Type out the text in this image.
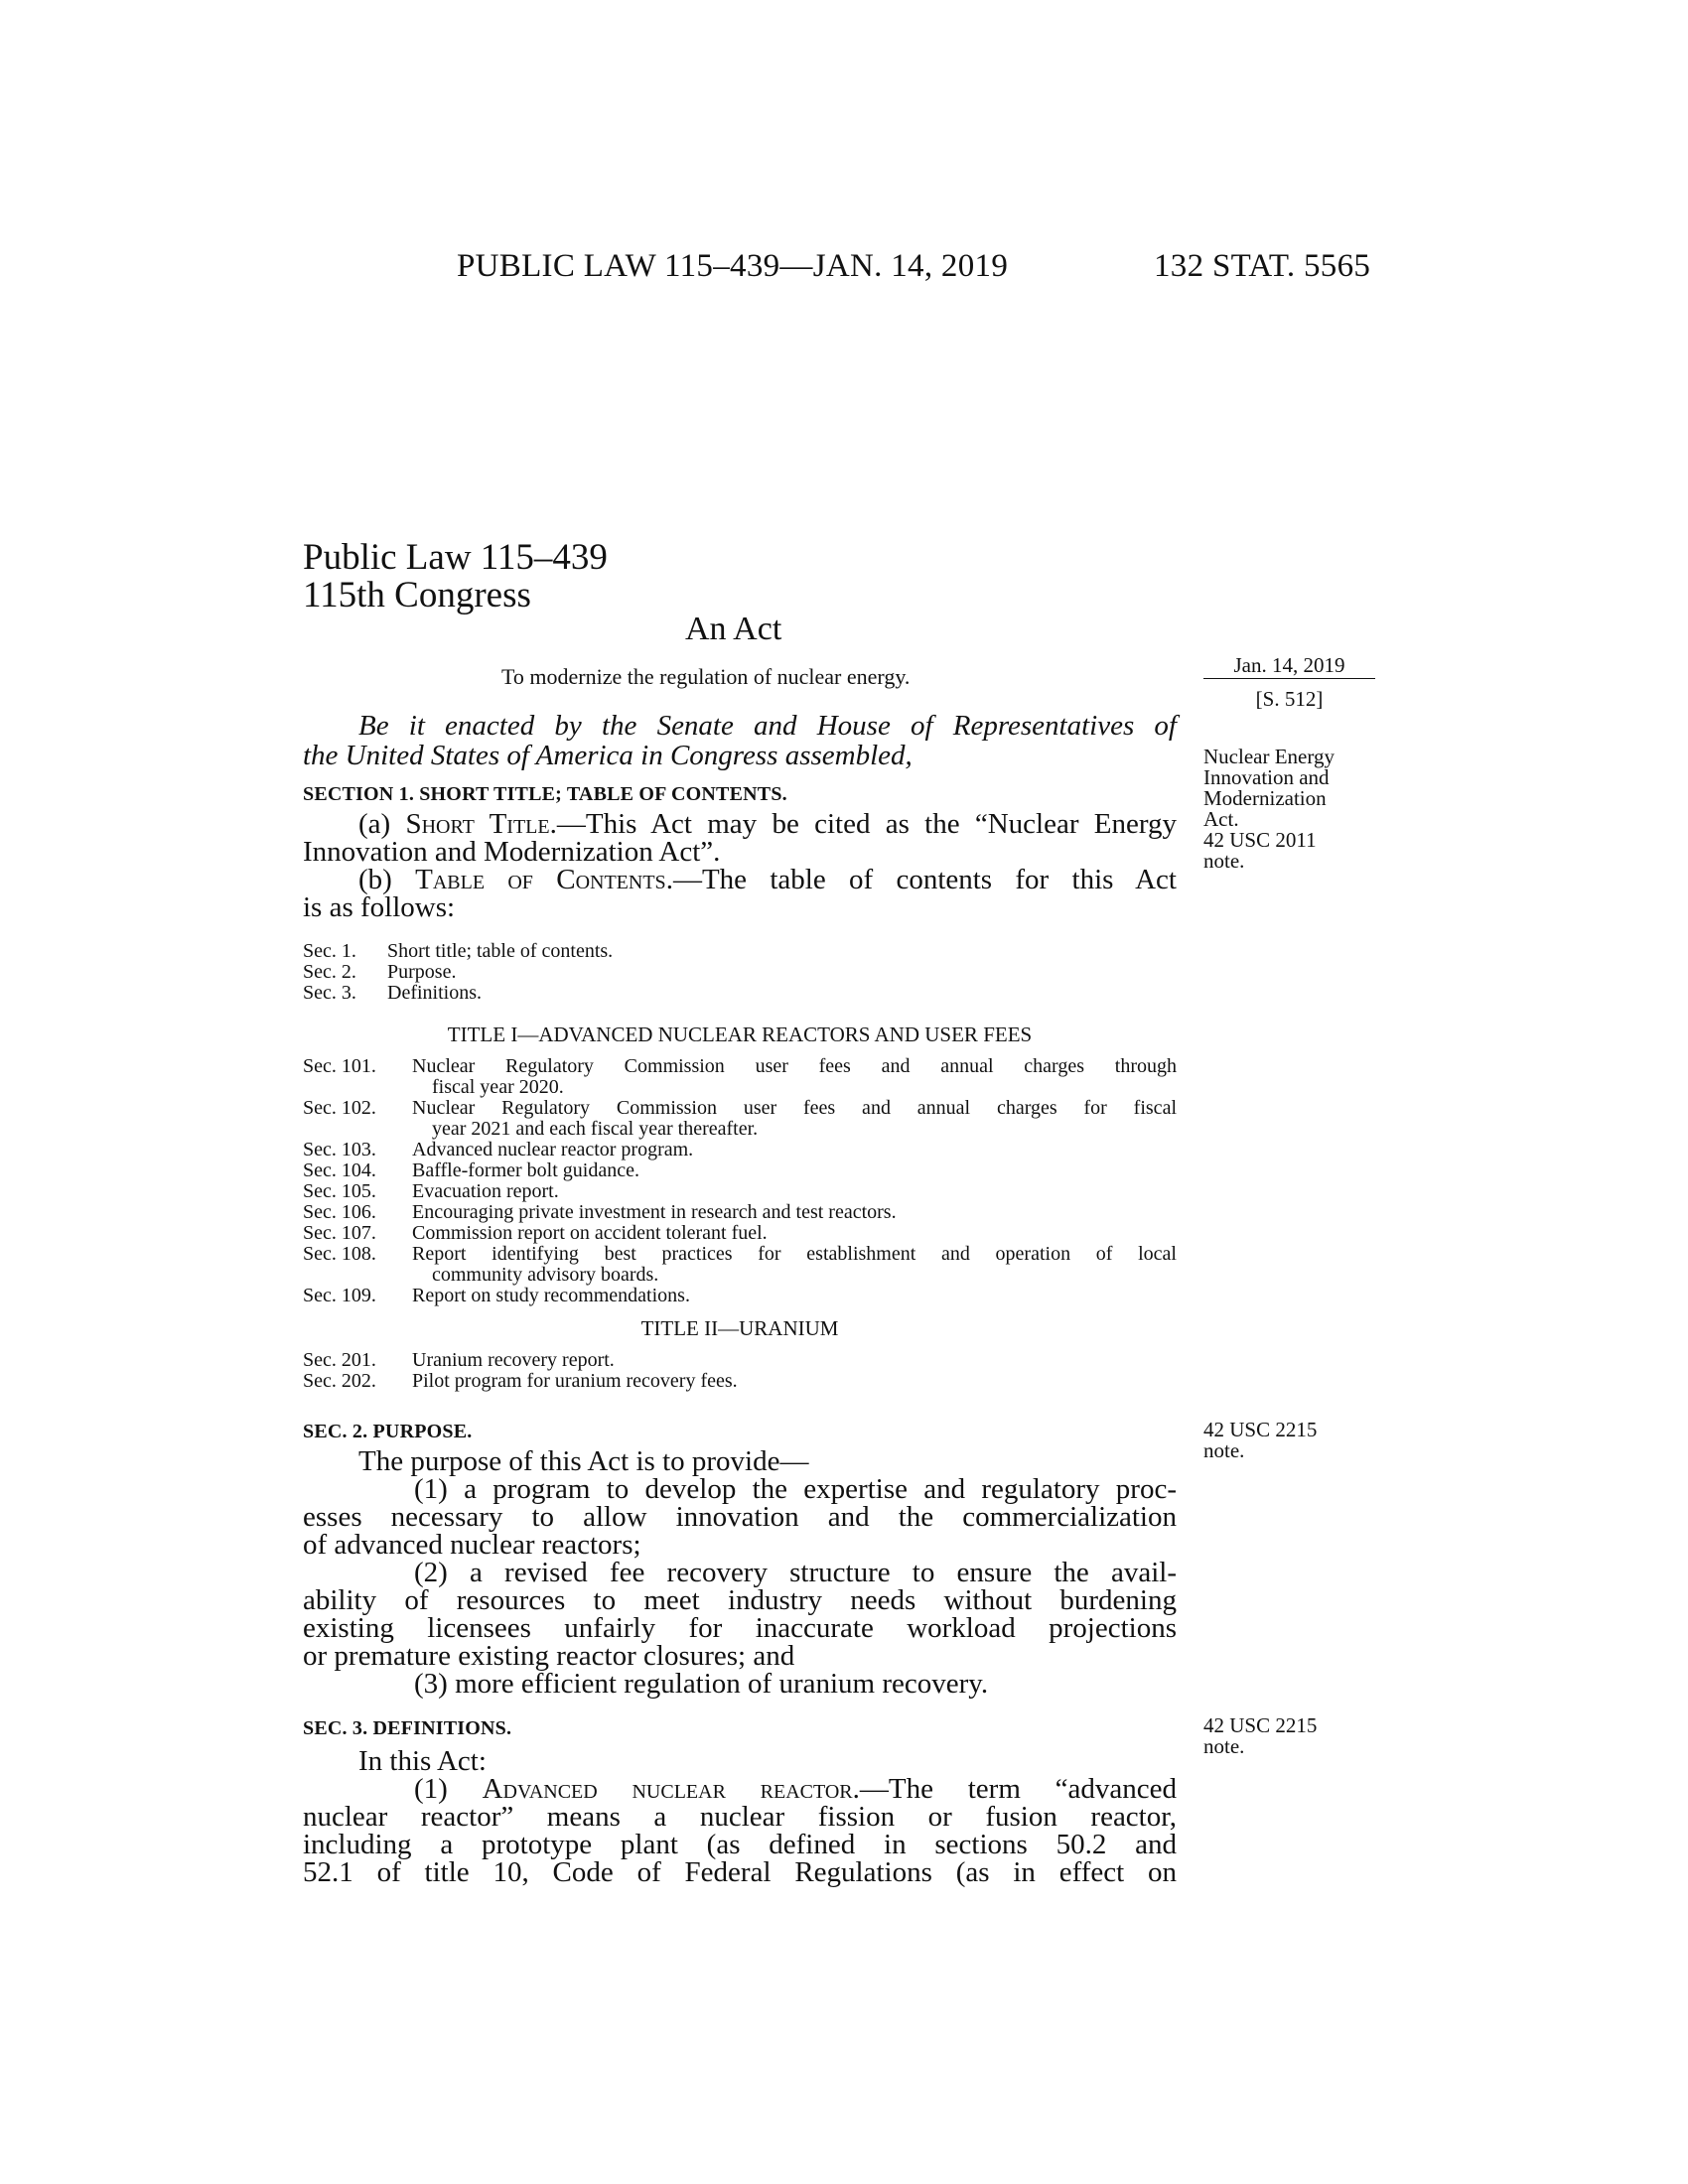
PUBLIC LAW 115–439—JAN. 14, 2019	132 STAT. 5565
Public Law 115–439
115th Congress
An Act
To modernize the regulation of nuclear energy.	Jan. 14, 2019
[S. 512]
Nuclear Energy
Innovation and
Modernization
Act.
42 USC 2011
note.
42 USC 2215
note.
42 USC 2215
note.
Be it enacted by the Senate and House of Representatives of
the United States of America in Congress assembled,
SECTION 1. SHORT TITLE; TABLE OF CONTENTS.
(a) Short Title.—This Act may be cited as the “Nuclear Energy
Innovation and Modernization Act”.
(b) Table of Contents.—The table of contents for this Act
is as follows:
Sec. 1.	Short title; table of contents.
Sec. 2.	Purpose.
Sec. 3.	Definitions.
TITLE I—ADVANCED NUCLEAR REACTORS AND USER FEES
Sec. 101.	Nuclear Regulatory Commission user fees and annual charges through
fiscal year 2020.
Sec. 102.	Nuclear Regulatory Commission user fees and annual charges for fiscal
year 2021 and each fiscal year thereafter.
Sec. 103.	Advanced nuclear reactor program.
Sec. 104.	Baffle-former bolt guidance.
Sec. 105.	Evacuation report.
Sec. 106.	Encouraging private investment in research and test reactors.
Sec. 107.	Commission report on accident tolerant fuel.
Sec. 108.	Report identifying best practices for establishment and operation of local
community advisory boards.
Sec. 109.	Report on study recommendations.
TITLE II—URANIUM
Sec. 201.	Uranium recovery report.
Sec. 202.	Pilot program for uranium recovery fees.
SEC. 2. PURPOSE.
The purpose of this Act is to provide—
(1) a program to develop the expertise and regulatory proc-
esses necessary to allow innovation and the commercialization
of advanced nuclear reactors;
(2) a revised fee recovery structure to ensure the avail-
ability of resources to meet industry needs without burdening
existing licensees unfairly for inaccurate workload projections
or premature existing reactor closures; and
(3) more efficient regulation of uranium recovery.
SEC. 3. DEFINITIONS.
In this Act:
(1) Advanced nuclear reactor.—The term “advanced
nuclear reactor” means a nuclear fission or fusion reactor,
including a prototype plant (as defined in sections 50.2 and
52.1 of title 10, Code of Federal Regulations (as in effect on
